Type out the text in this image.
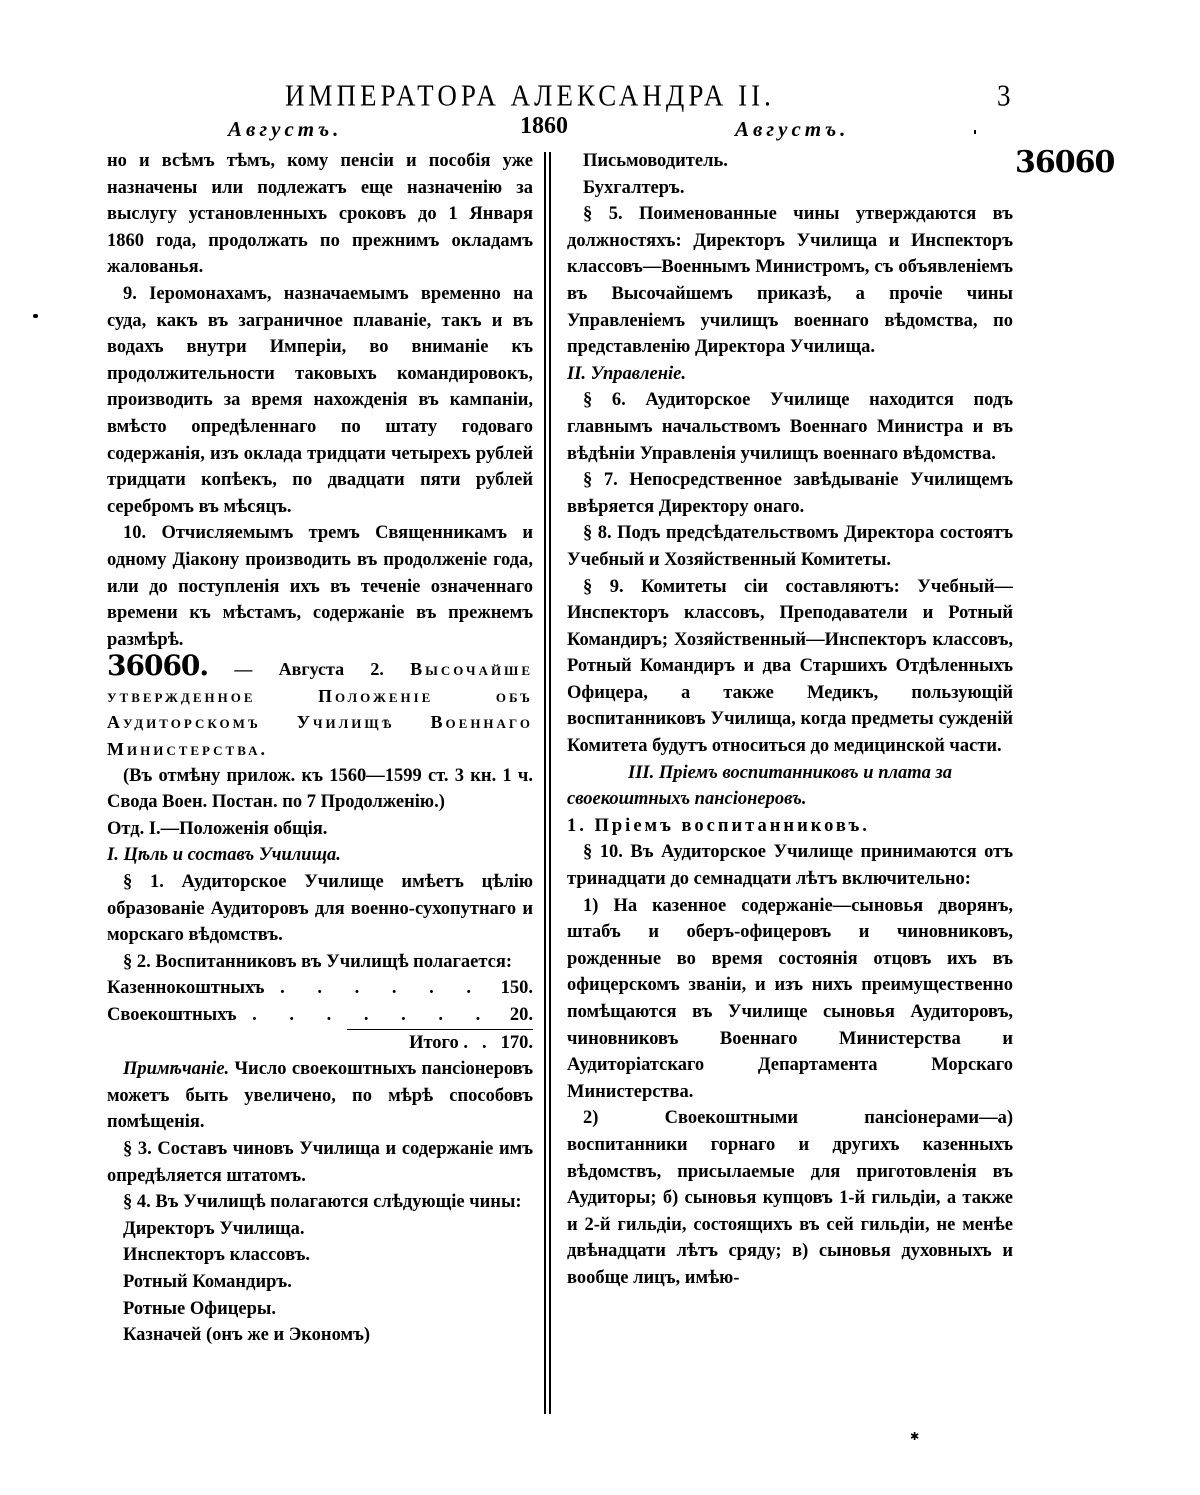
ИМПЕРАТОРА АЛЕКСАНДРА II.	3
Августъ.	1860	Августъ.
36060
✱

но и всѣмъ тѣмъ, кому пенсіи и пособія уже назначены или подлежатъ еще назначенію за выслугу установленныхъ сроковъ до 1 Января 1860 года, продолжать по прежнимъ окладамъ жалованья.

9. Іеромонахамъ, назначаемымъ временно на суда, какъ въ заграничное плаваніе, такъ и въ водахъ внутри Имперіи, во вниманіе къ продолжительности таковыхъ командировокъ, производить за время нахожденія въ кампаніи, вмѣсто опредѣленнаго по штату годоваго содержанія, изъ оклада тридцати четырехъ рублей тридцати копѣекъ, по двадцати пяти рублей серебромъ въ мѣсяцъ.

10. Отчисляемымъ тремъ Священникамъ и одному Діакону производить въ продолженіе года, или до поступленія ихъ въ теченіе означеннаго времени къ мѣстамъ, содержаніе въ прежнемъ размѣрѣ.

36060. — Августа 2. Высочайше утвержденное Положеніе объ Аудиторскомъ Училищѣ Военнаго Министерства.

(Въ отмѣну прилож. къ 1560—1599 ст. 3 кн. 1 ч. Свода Воен. Постан. по 7 Продолженію.)

Отд. I.—Положенія общія.

I. Цѣль и составъ Училища.

§ 1. Аудиторское Училище имѣетъ цѣлію образованіе Аудиторовъ для военно-сухопутнаго и морскаго вѣдомствъ.

§ 2. Воспитанниковъ въ Училищѣ полагается:

Казеннокоштныхъ . . . . . . 150.
Своекоштныхъ . . . . . . . 20.
Итого . . 170.

Примѣчаніе. Число своекоштныхъ пансіонеровъ можетъ быть увеличено, по мѣрѣ способовъ помѣщенія.

§ 3. Составъ чиновъ Училища и содержаніе имъ опредѣляется штатомъ.

§ 4. Въ Училищѣ полагаются слѣдующіе чины:

Директоръ Училища.

Инспекторъ классовъ.

Ротный Командиръ.

Ротные Офицеры.

Казначей (онъ же и Экономъ)

Письмоводитель.

Бухгалтеръ.

§ 5. Поименованные чины утверждаются въ должностяхъ: Директоръ Училища и Инспекторъ классовъ—Военнымъ Министромъ, съ объявленіемъ въ Высочайшемъ приказѣ, а прочіе чины Управленіемъ училищъ военнаго вѣдомства, по представленію Директора Училища.

II. Управленіе.

§ 6. Аудиторское Училище находится подъ главнымъ начальствомъ Военнаго Министра и въ вѣдѣніи Управленія училищъ военнаго вѣдомства.

§ 7. Непосредственное завѣдываніе Училищемъ ввѣряется Директору онаго.

§ 8. Подъ предсѣдательствомъ Директора состоятъ Учебный и Хозяйственный Комитеты.

§ 9. Комитеты сіи составляютъ: Учебный—Инспекторъ классовъ, Преподаватели и Ротный Командиръ; Хозяйственный—Инспекторъ классовъ, Ротный Командиръ и два Старшихъ Отдѣленныхъ Офицера, а также Медикъ, пользующій воспитанниковъ Училища, когда предметы сужденій Комитета будутъ относиться до медицинской части.

III. Пріемъ воспитанниковъ и плата за своекоштныхъ пансіонеровъ.

1. Пріемъ воспитанниковъ.

§ 10. Въ Аудиторское Училище принимаются отъ тринадцати до семнадцати лѣтъ включительно:

1) На казенное содержаніе—сыновья дворянъ, штабъ и оберъ-офицеровъ и чиновниковъ, рожденные во время состоянія отцовъ ихъ въ офицерскомъ званіи, и изъ нихъ преимущественно помѣщаются въ Училище сыновья Аудиторовъ, чиновниковъ Военнаго Министерства и Аудиторіатскаго Департамента Морскаго Министерства.

2) Своекоштными пансіонерами—а) воспитанники горнаго и другихъ казенныхъ вѣдомствъ, присылаемые для приготовленія въ Аудиторы; б) сыновья купцовъ 1-й гильдіи, а также и 2-й гильдіи, состоящихъ въ сей гильдіи, не менѣе двѣнадцати лѣтъ сряду; в) сыновья духовныхъ и вообще лицъ, имѣю-
